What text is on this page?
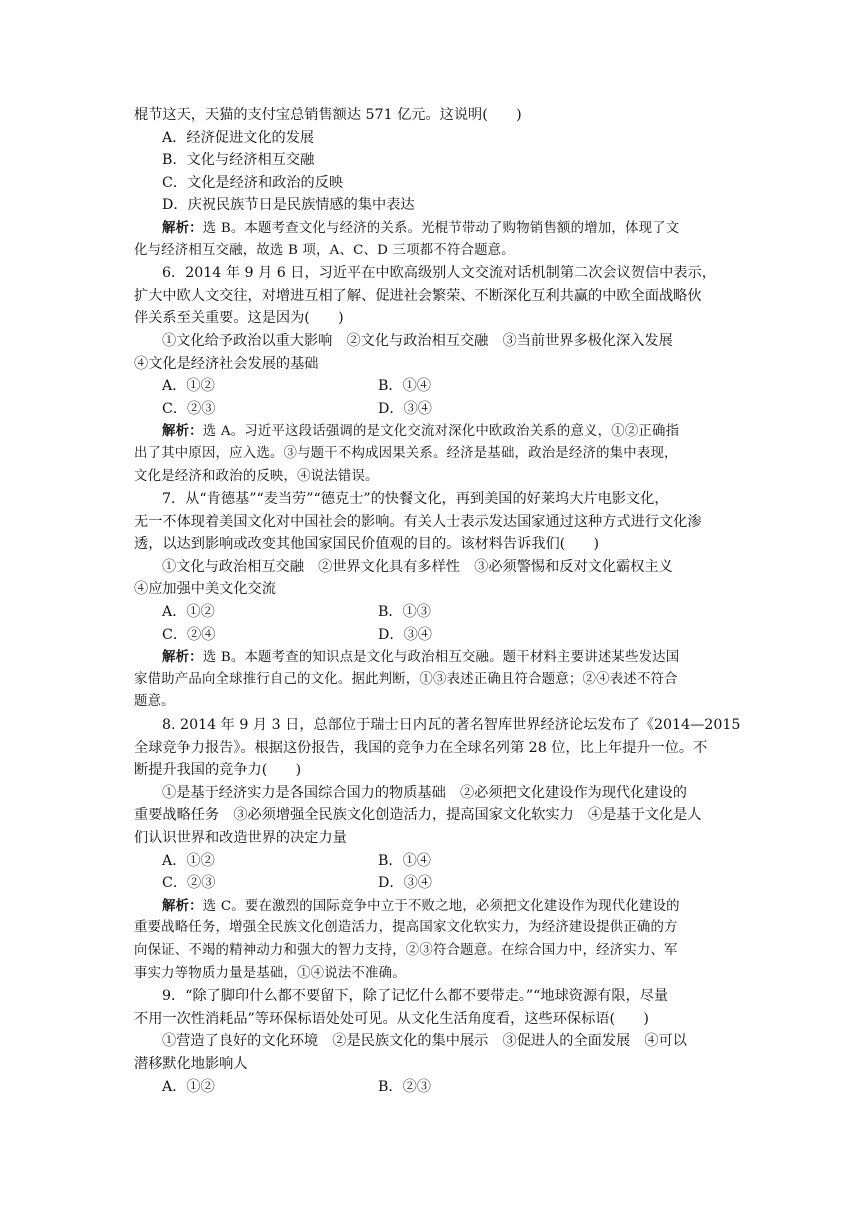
棍节这天，天猫的支付宝总销售额达 571 亿元。这说明(　　)
A．经济促进文化的发展
B．文化与经济相互交融
C．文化是经济和政治的反映
D．庆祝民族节日是民族情感的集中表达
解析：选 B。本题考查文化与经济的关系。光棍节带动了购物销售额的增加，体现了文
化与经济相互交融，故选 B 项，A、C、D 三项都不符合题意。
6．2014 年 9 月 6 日，习近平在中欧高级别人文交流对话机制第二次会议贺信中表示，
扩大中欧人文交往，对增进互相了解、促进社会繁荣、不断深化互利共赢的中欧全面战略伙
伴关系至关重要。这是因为(　　)
①文化给予政治以重大影响　②文化与政治相互交融　③当前世界多极化深入发展
④文化是经济社会发展的基础
A．①②	B．①④
C．②③	D．③④
解析：选 A。习近平这段话强调的是文化交流对深化中欧政治关系的意义，①②正确指
出了其中原因，应入选。③与题干不构成因果关系。经济是基础，政治是经济的集中表现，
文化是经济和政治的反映，④说法错误。
7．从“肯德基”“麦当劳”“德克士”的快餐文化，再到美国的好莱坞大片电影文化，
无一不体现着美国文化对中国社会的影响。有关人士表示发达国家通过这种方式进行文化渗
透，以达到影响或改变其他国家国民价值观的目的。该材料告诉我们(　　)
①文化与政治相互交融　②世界文化具有多样性　③必须警惕和反对文化霸权主义
④应加强中美文化交流
A．①②	B．①③
C．②④	D．③④
解析：选 B。本题考查的知识点是文化与政治相互交融。题干材料主要讲述某些发达国
家借助产品向全球推行自己的文化。据此判断，①③表述正确且符合题意；②④表述不符合
题意。
8. 2014 年 9 月 3 日，总部位于瑞士日内瓦的著名智库世界经济论坛发布了《2014—2015
全球竞争力报告》。根据这份报告，我国的竞争力在全球名列第 28 位，比上年提升一位。不
断提升我国的竞争力(　　)
①是基于经济实力是各国综合国力的物质基础　②必须把文化建设作为现代化建设的
重要战略任务　③必须增强全民族文化创造活力，提高国家文化软实力　④是基于文化是人
们认识世界和改造世界的决定力量
A．①②	B．①④
C．②③	D．③④
解析：选 C。要在激烈的国际竞争中立于不败之地，必须把文化建设作为现代化建设的
重要战略任务，增强全民族文化创造活力，提高国家文化软实力，为经济建设提供正确的方
向保证、不竭的精神动力和强大的智力支持，②③符合题意。在综合国力中，经济实力、军
事实力等物质力量是基础，①④说法不准确。
9．“除了脚印什么都不要留下，除了记忆什么都不要带走。”“地球资源有限，尽量
不用一次性消耗品”等环保标语处处可见。从文化生活角度看，这些环保标语(　　)
①营造了良好的文化环境　②是民族文化的集中展示　③促进人的全面发展　④可以
潜移默化地影响人
A．①②	B．②③
